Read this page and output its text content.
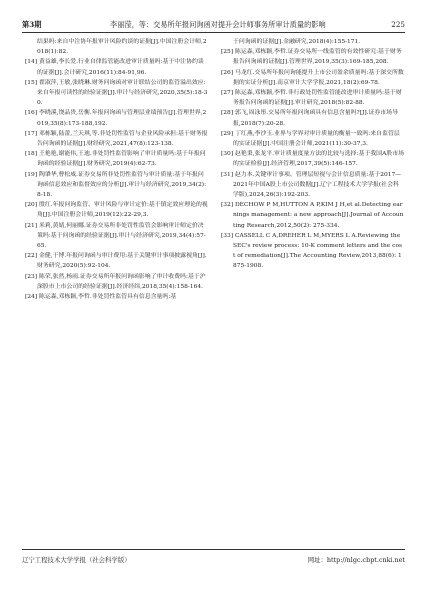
第3期	李丽滢，等：交易所年报问询函对提升会计师事务所审计质量的影响	225

结果吗:来自中注协年报审计风险约谈的证据[J].中国注册会计师,2018(1):82.

[14] 黄益雄,李长爱.行业自律监管能改进审计质量吗:基于中注协约谈的证据[J].会计研究,2016(11):84-91,96.

[15] 翟淑萍,王敏,张晓琳.财务问询函对审计联结公司的监管溢出效应:来自年报可读性的经验证据[J].审计与经济研究,2020,35(5):18-30.

[16] 李晓溪,饶品贵,岳衡.年报问询函与管理层业绩预告[J].管理世界,2019,35(8):173-188,192.

[17] 邓栋颖,陆蕾,兰天琪,等.非处罚性监管与企业风险承担:基于财务报告问询函的证据[J].财经研究,2021,47(8):123-138.

[18] 王艳艳,谢能伟,王迪.非处罚性监管影响了审计质量吗:基于年报问询函的经验证据[J].财务研究,2019(4):62-73.

[19] 陶肇华,曹松威.证券交易所非处罚性监管与审计质量:基于年报问询函信息效应和监督效应的分析[J].审计与经济研究,2019,34(2):8-18.

[20] 殷红.年报问询监管、审计风险与审计定价:基于镇定效应理论的视角[J].中国注册会计师,2019(12):22-29,3.

[21] 米莉,黄婧,何丽娜.证券交易所非处罚性监管会影响审计师定价决策吗:基于问询函的经验证据[J].审计与经济研究,2019,34(4):57-65.

[22] 金健,于博.年报问询函与审计费用:基于关键审计事项披露视角[J].财务研究,2020(5):92-104.

[23] 陈荣,张然,杨雨.证券交易所年报问询函影响了审计收费吗:基于沪深股市上市公司的经验证据[J].经济经纬,2018,35(4):158-164.

[24] 陈运森,邓栋颖,李哲.非处罚性监管具有信息含量吗:基

于问询函的证据[J].金融研究,2018(4):155-171.

[25] 陈运森,邓栋颖,李哲.证券交易所一线监管的有效性研究:基于财务报告问询函的证据[J].管理世界,2019,35(3):169-185,208.

[26] 马龙红.交易所年报问询能提升上市公司盈余质量吗:基于深交所数据的实证分析[J].南京审计大学学报,2021,18(2):69-78.

[27] 陈运森,邓栋颖,李哲.非行政处罚性监管能改进审计质量吗:基于财务报告问询函的证据[J].审计研究,2018(5):82-88.

[28] 郭飞,周泳彤.交易所年报问询函具有信息含量吗?[J].证券市场导报,2018(7):20-28.

[29] 丁红燕,李沙玉.业界与学界对审计质量的衡量一致吗:来自监管层的实证证据[J].中国注册会计师,2021(11):30-37,3.

[30] 赵艳秉,张龙平.审计质量度量方法的比较与选择:基于我国A股市场的实证检验[J].经济管理,2017,39(5):146-157.

[31] 赵力本.关键审计事项、管理层短视与会计信息质量:基于2017—2021年中国A股上市公司数据[J].辽宁工程技术大学学报(社会科学版),2024,26(3):192-203.

[32] DECHOW P M,HUTTON A P,KIM J H,et al.Detecting earnings management: a new approach[J].Journal of Accounting Research,2012,50(2): 275-334.

[33] CASSELL C A,DREHER L M,MYERS L A.Reviewing the SEC's review process: 10-K comment letters and the cost of remediation[J].The Accounting Review,2013,88(6): 1875-1908.

辽宁工程技术大学学报（社会科学版）	网址：http://nlgc.cbpt.cnki.net
